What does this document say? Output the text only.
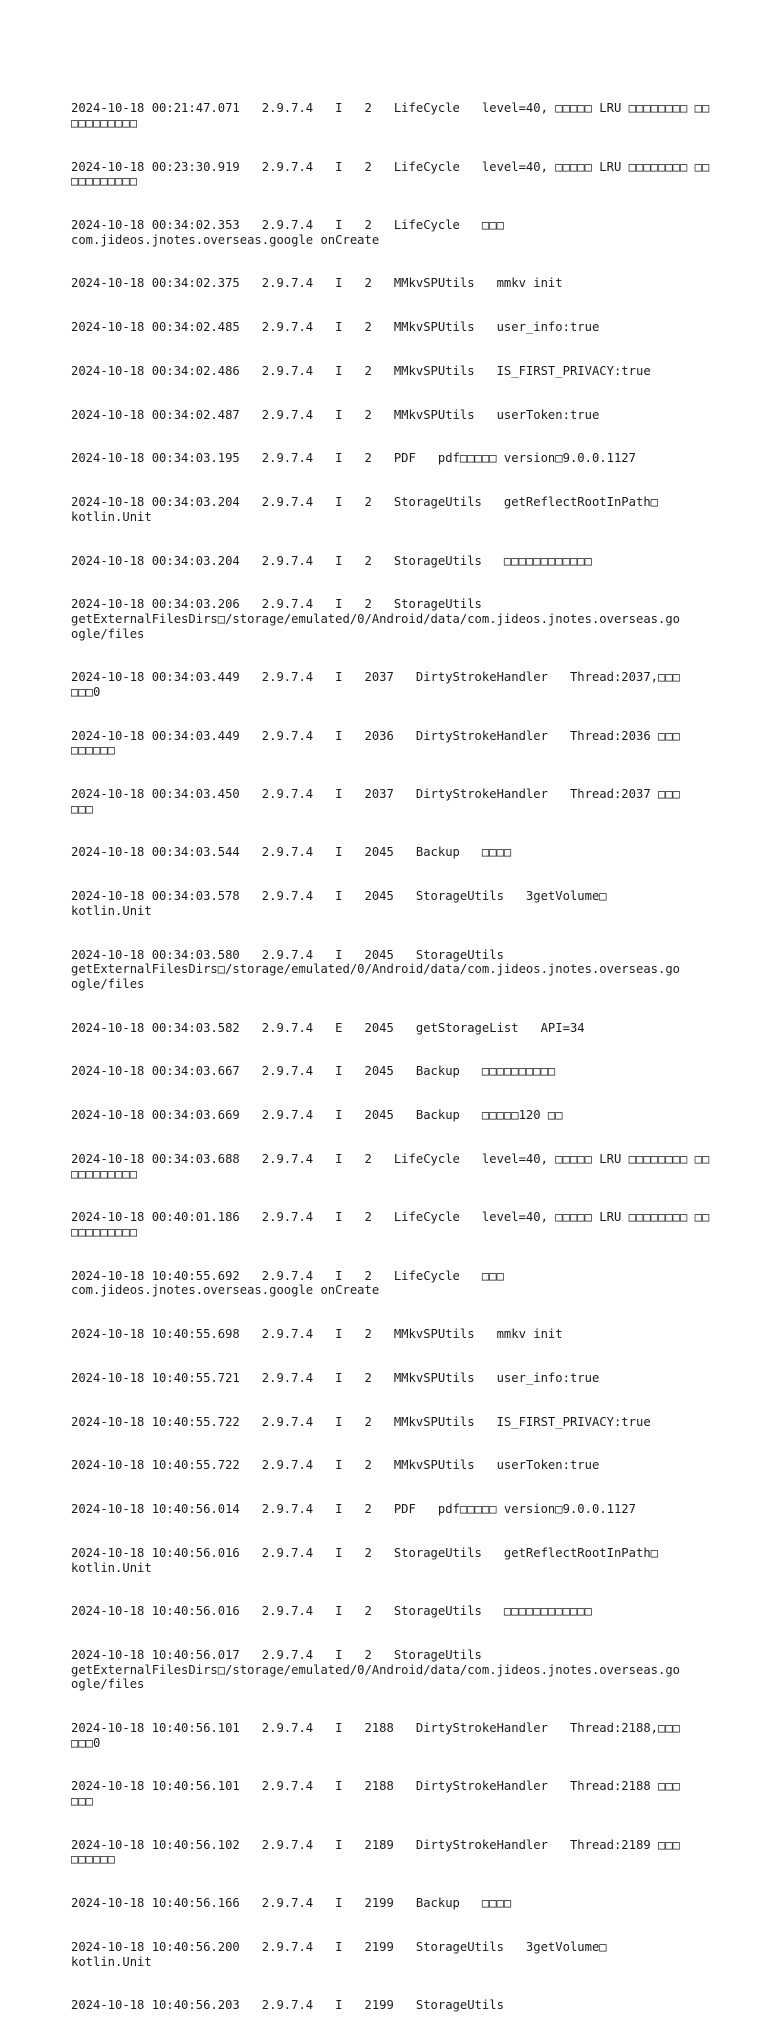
2024-10-18 00:21:47.071   2.9.7.4   I   2   LifeCycle   level=40, □□□□□ LRU □□□□□□□□ □□□□□□□□□□□

2024-10-18 00:23:30.919   2.9.7.4   I   2   LifeCycle   level=40, □□□□□ LRU □□□□□□□□ □□□□□□□□□□□

2024-10-18 00:34:02.353   2.9.7.4   I   2   LifeCycle   □□□
com.jideos.jnotes.overseas.google onCreate

2024-10-18 00:34:02.375   2.9.7.4   I   2   MMkvSPUtils   mmkv init

2024-10-18 00:34:02.485   2.9.7.4   I   2   MMkvSPUtils   user_info:true

2024-10-18 00:34:02.486   2.9.7.4   I   2   MMkvSPUtils   IS_FIRST_PRIVACY:true

2024-10-18 00:34:02.487   2.9.7.4   I   2   MMkvSPUtils   userToken:true

2024-10-18 00:34:03.195   2.9.7.4   I   2   PDF   pdf□□□□□ version□9.0.0.1127

2024-10-18 00:34:03.204   2.9.7.4   I   2   StorageUtils   getReflectRootInPath□
kotlin.Unit

2024-10-18 00:34:03.204   2.9.7.4   I   2   StorageUtils   □□□□□□□□□□□□

2024-10-18 00:34:03.206   2.9.7.4   I   2   StorageUtils
getExternalFilesDirs□/storage/emulated/0/Android/data/com.jideos.jnotes.overseas.go
ogle/files

2024-10-18 00:34:03.449   2.9.7.4   I   2037   DirtyStrokeHandler   Thread:2037,□□□
□□□0

2024-10-18 00:34:03.449   2.9.7.4   I   2036   DirtyStrokeHandler   Thread:2036 □□□
□□□□□□

2024-10-18 00:34:03.450   2.9.7.4   I   2037   DirtyStrokeHandler   Thread:2037 □□□
□□□

2024-10-18 00:34:03.544   2.9.7.4   I   2045   Backup   □□□□

2024-10-18 00:34:03.578   2.9.7.4   I   2045   StorageUtils   3getVolume□
kotlin.Unit

2024-10-18 00:34:03.580   2.9.7.4   I   2045   StorageUtils
getExternalFilesDirs□/storage/emulated/0/Android/data/com.jideos.jnotes.overseas.go
ogle/files

2024-10-18 00:34:03.582   2.9.7.4   E   2045   getStorageList   API=34

2024-10-18 00:34:03.667   2.9.7.4   I   2045   Backup   □□□□□□□□□□

2024-10-18 00:34:03.669   2.9.7.4   I   2045   Backup   □□□□□120 □□

2024-10-18 00:34:03.688   2.9.7.4   I   2   LifeCycle   level=40, □□□□□ LRU □□□□□□□□ □□□□□□□□□□□

2024-10-18 00:40:01.186   2.9.7.4   I   2   LifeCycle   level=40, □□□□□ LRU □□□□□□□□ □□□□□□□□□□□

2024-10-18 10:40:55.692   2.9.7.4   I   2   LifeCycle   □□□
com.jideos.jnotes.overseas.google onCreate

2024-10-18 10:40:55.698   2.9.7.4   I   2   MMkvSPUtils   mmkv init

2024-10-18 10:40:55.721   2.9.7.4   I   2   MMkvSPUtils   user_info:true

2024-10-18 10:40:55.722   2.9.7.4   I   2   MMkvSPUtils   IS_FIRST_PRIVACY:true

2024-10-18 10:40:55.722   2.9.7.4   I   2   MMkvSPUtils   userToken:true

2024-10-18 10:40:56.014   2.9.7.4   I   2   PDF   pdf□□□□□ version□9.0.0.1127

2024-10-18 10:40:56.016   2.9.7.4   I   2   StorageUtils   getReflectRootInPath□
kotlin.Unit

2024-10-18 10:40:56.016   2.9.7.4   I   2   StorageUtils   □□□□□□□□□□□□

2024-10-18 10:40:56.017   2.9.7.4   I   2   StorageUtils
getExternalFilesDirs□/storage/emulated/0/Android/data/com.jideos.jnotes.overseas.go
ogle/files

2024-10-18 10:40:56.101   2.9.7.4   I   2188   DirtyStrokeHandler   Thread:2188,□□□
□□□0

2024-10-18 10:40:56.101   2.9.7.4   I   2188   DirtyStrokeHandler   Thread:2188 □□□
□□□

2024-10-18 10:40:56.102   2.9.7.4   I   2189   DirtyStrokeHandler   Thread:2189 □□□
□□□□□□

2024-10-18 10:40:56.166   2.9.7.4   I   2199   Backup   □□□□

2024-10-18 10:40:56.200   2.9.7.4   I   2199   StorageUtils   3getVolume□
kotlin.Unit

2024-10-18 10:40:56.203   2.9.7.4   I   2199   StorageUtils
